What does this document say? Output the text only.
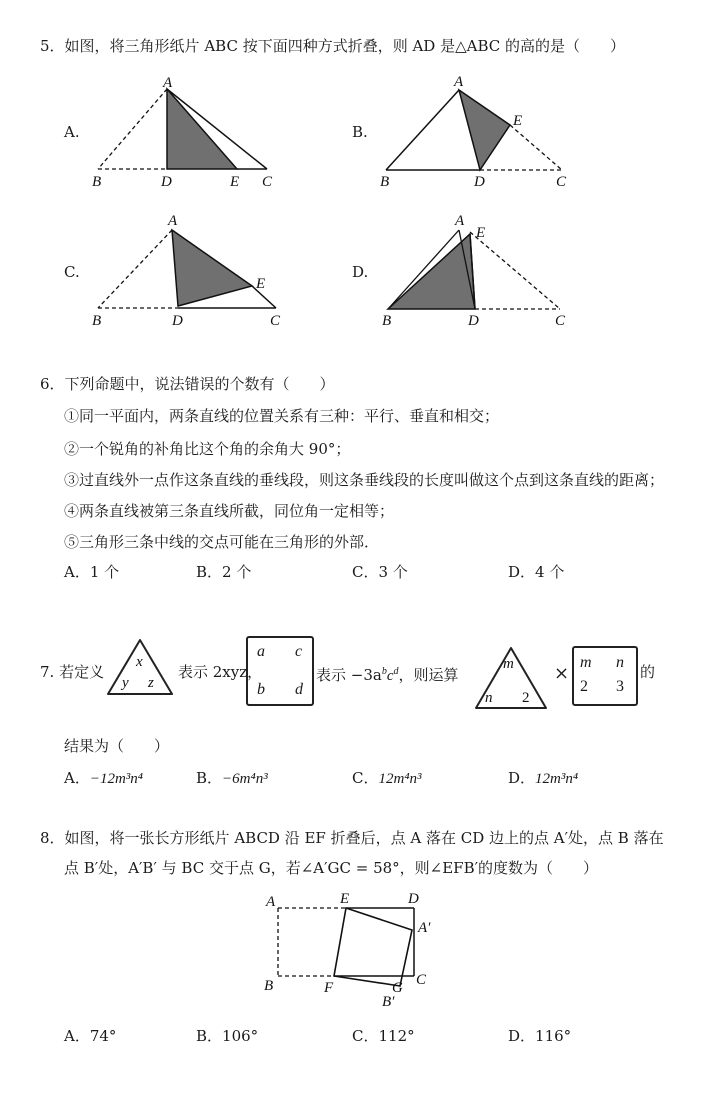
5．如图，将三角形纸片 ABC 按下面四种方式折叠，则 AD 是△ABC 的高的是（　　）
A.	B.
C.	D.
A
B	D	E C
A
E
B	D	C
A
E
B	D	C
A
E
B	D	C
6．下列命题中，说法错误的个数有（　　）
①同一平面内，两条直线的位置关系有三种：平行、垂直和相交；
②一个锐角的补角比这个角的余角大 90°；
③过直线外一点作这条直线的垂线段，则这条垂线段的长度叫做这个点到这条直线的距离；
④两条直线被第三条直线所截，同位角一定相等；
⑤三角形三条中线的交点可能在三角形的外部．
A．1 个	B．2 个	C．3 个	D．4 个
7. 若定义
x
y z
表示 2xyz，
a c
b d
表示 $-3a^bc^d$，则运算
m
n 2
×
m n
2 3
的
结果为（　　）
A．−12m³n⁴	B．−6m⁴n³	C．12m⁴n³	D．12m³n⁴
8．如图，将一张长方形纸片 ABCD 沿 EF 折叠后，点 A 落在 CD 边上的点 A′处，点 B 落在
点 B′处，A′B′ 与 BC 交于点 G，若∠A′GC = 58°，则∠EFB′的度数为（　　）
A	E	D
A′
B	F	G C
B′
A．74°	B．106°	C．112°	D．116°
